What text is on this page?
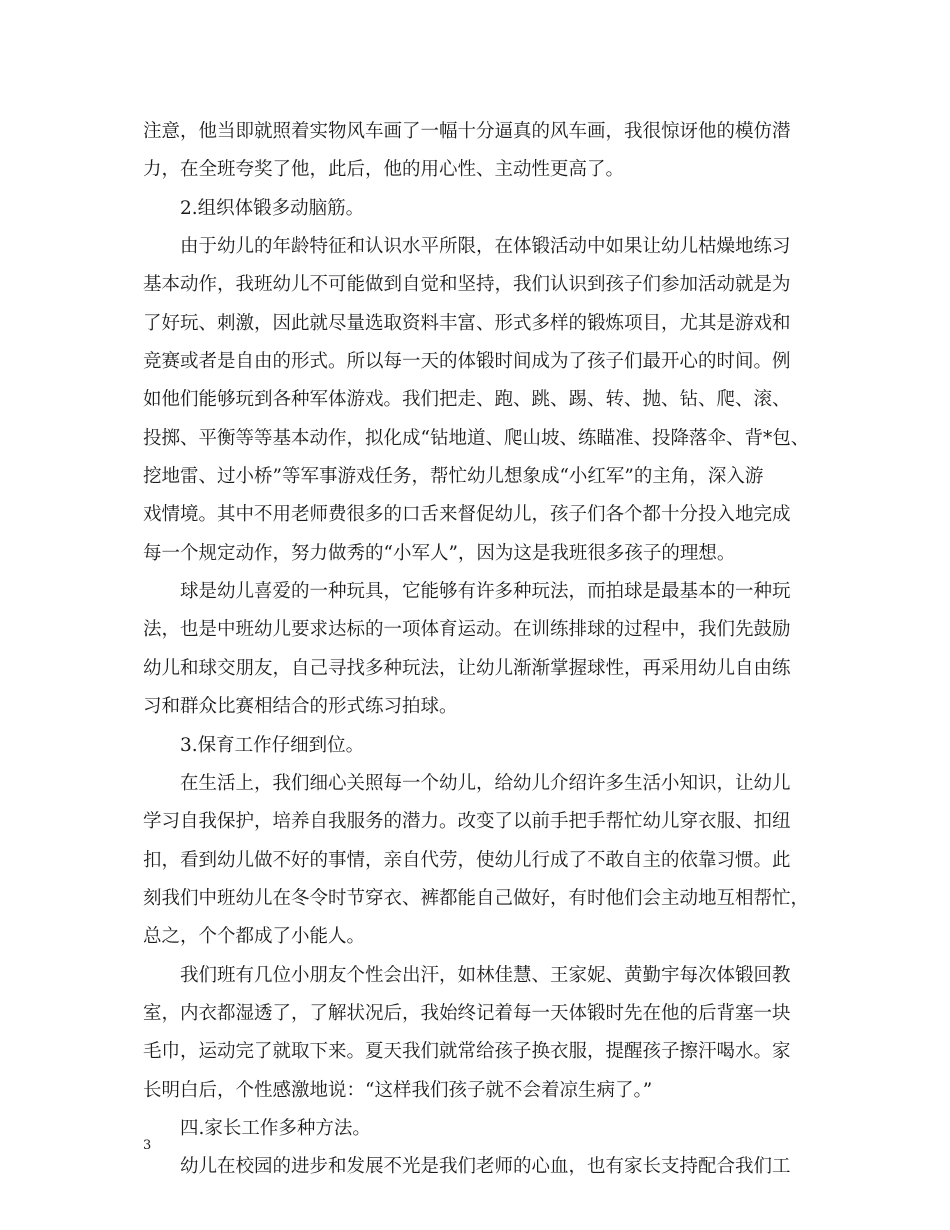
注意，他当即就照着实物风车画了一幅十分逼真的风车画，我很惊讶他的模仿潜
力，在全班夸奖了他，此后，他的用心性、主动性更高了。
2.组织体锻多动脑筋。
由于幼儿的年龄特征和认识水平所限，在体锻活动中如果让幼儿枯燥地练习
基本动作，我班幼儿不可能做到自觉和坚持，我们认识到孩子们参加活动就是为
了好玩、刺激，因此就尽量选取资料丰富、形式多样的锻炼项目，尤其是游戏和
竞赛或者是自由的形式。所以每一天的体锻时间成为了孩子们最开心的时间。例
如他们能够玩到各种军体游戏。我们把走、跑、跳、踢、转、抛、钻、爬、滚、
投掷、平衡等等基本动作，拟化成“钻地道、爬山坡、练瞄准、投降落伞、背*包、
挖地雷、过小桥”等军事游戏任务，帮忙幼儿想象成“小红军”的主角，深入游
戏情境。其中不用老师费很多的口舌来督促幼儿，孩子们各个都十分投入地完成
每一个规定动作，努力做秀的“小军人”，因为这是我班很多孩子的理想。
球是幼儿喜爱的一种玩具，它能够有许多种玩法，而拍球是最基本的一种玩
法，也是中班幼儿要求达标的一项体育运动。在训练排球的过程中，我们先鼓励
幼儿和球交朋友，自己寻找多种玩法，让幼儿渐渐掌握球性，再采用幼儿自由练
习和群众比赛相结合的形式练习拍球。
3.保育工作仔细到位。
在生活上，我们细心关照每一个幼儿，给幼儿介绍许多生活小知识，让幼儿
学习自我保护，培养自我服务的潜力。改变了以前手把手帮忙幼儿穿衣服、扣纽
扣，看到幼儿做不好的事情，亲自代劳，使幼儿行成了不敢自主的依靠习惯。此
刻我们中班幼儿在冬令时节穿衣、裤都能自己做好，有时他们会主动地互相帮忙，
总之，个个都成了小能人。
我们班有几位小朋友个性会出汗，如林佳慧、王家妮、黄勤宇每次体锻回教
室，内衣都湿透了，了解状况后，我始终记着每一天体锻时先在他的后背塞一块
毛巾，运动完了就取下来。夏天我们就常给孩子换衣服，提醒孩子擦汗喝水。家
长明白后，个性感激地说：“这样我们孩子就不会着凉生病了。”
四.家长工作多种方法。
幼儿在校园的进步和发展不光是我们老师的心血，也有家长支持配合我们工
3
